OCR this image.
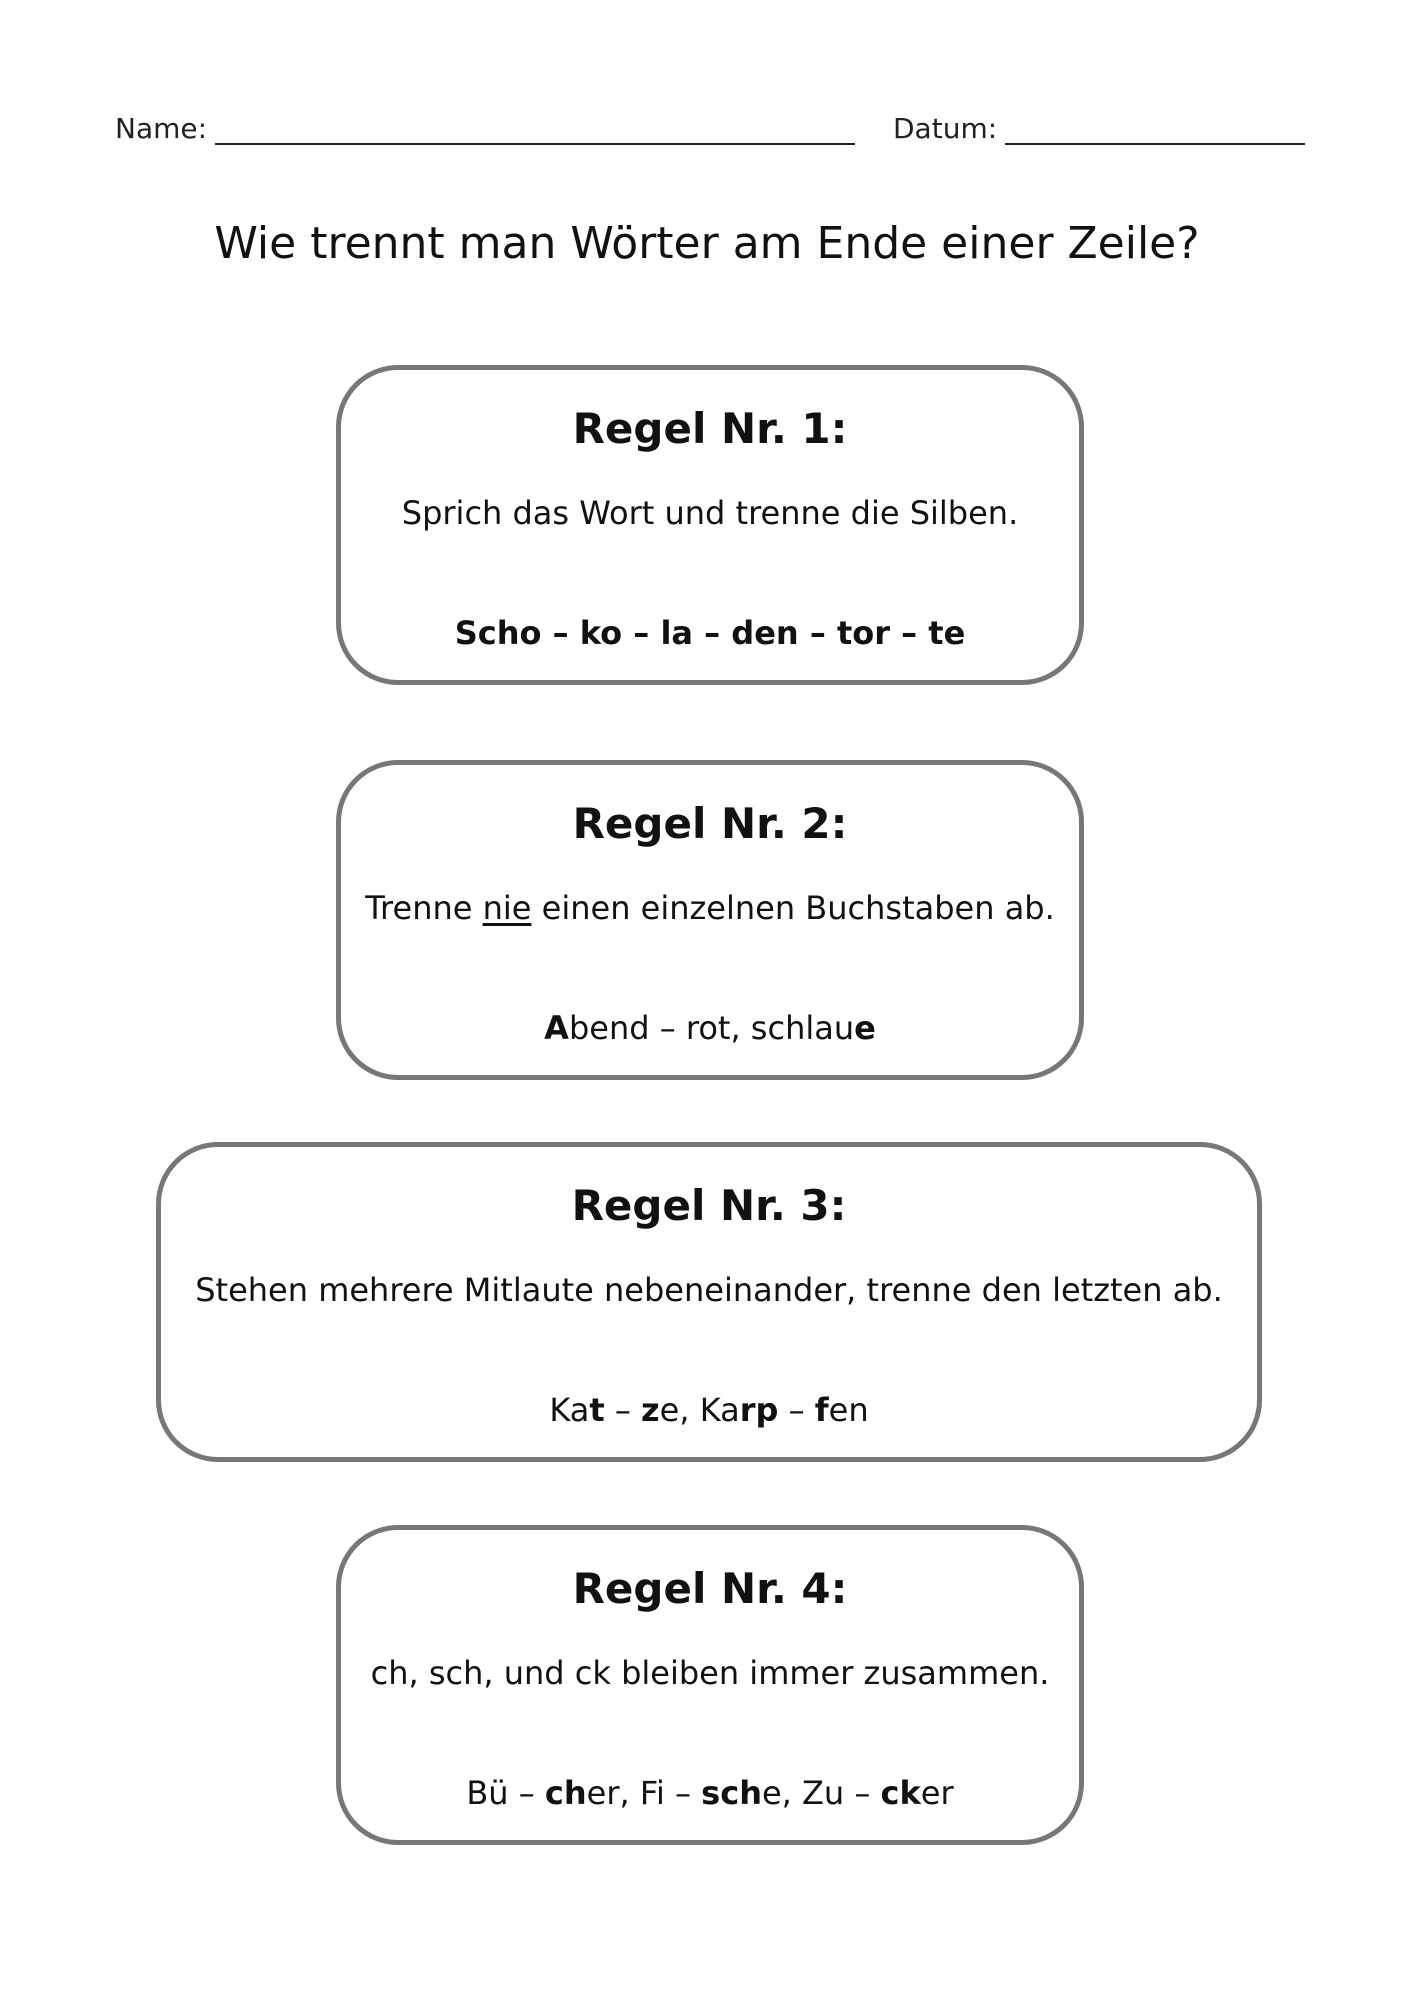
Name:	Datum:
Wie trennt man Wörter am Ende einer Zeile?
Regel Nr. 1:
Sprich das Wort und trenne die Silben.
Scho – ko – la – den – tor – te
Regel Nr. 2:
Trenne nie einen einzelnen Buchstaben ab.
Abend – rot, schlaue
Regel Nr. 3:
Stehen mehrere Mitlaute nebeneinander, trenne den letzten ab.
Kat – ze, Karp – fen
Regel Nr. 4:
ch, sch, und ck bleiben immer zusammen.
Bü – cher, Fi – sche, Zu – cker
